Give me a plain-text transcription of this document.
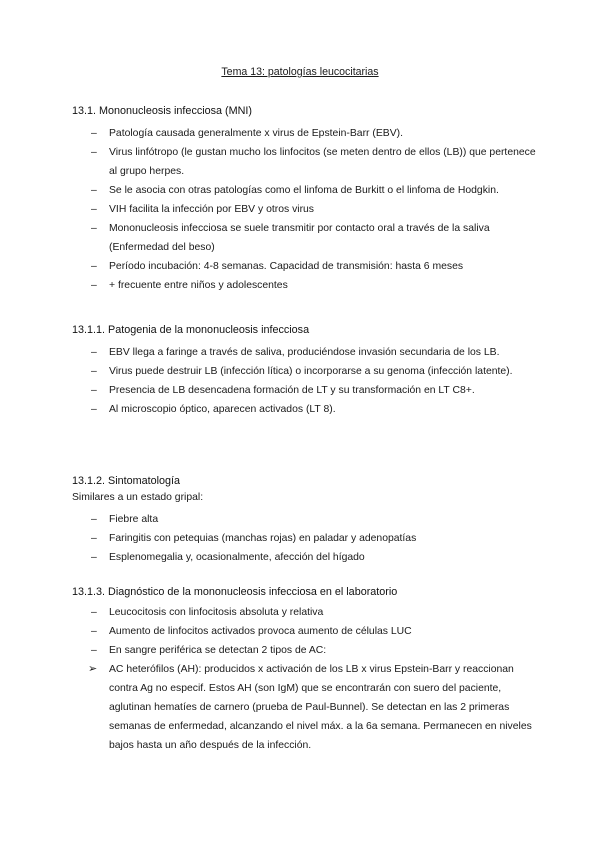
Tema 13: patologías leucocitarias
13.1. Mononucleosis infecciosa (MNI)
–	Patología causada generalmente x virus de Epstein-Barr (EBV).
–	Virus linfótropo (le gustan mucho los linfocitos (se meten dentro de ellos (LB)) que pertenece al grupo herpes.
–	Se le asocia con otras patologías como el linfoma de Burkitt o el linfoma de Hodgkin.
–	VIH facilita la infección por EBV y otros virus
–	Mononucleosis infecciosa se suele transmitir por contacto oral a través de la saliva (Enfermedad del beso)
–	Período incubación: 4-8 semanas. Capacidad de transmisión: hasta 6 meses
–	+ frecuente entre niños y adolescentes
13.1.1. Patogenia de la mononucleosis infecciosa
–	EBV llega a faringe a través de saliva, produciéndose invasión secundaria de los LB.
–	Virus puede destruir LB (infección lítica) o incorporarse a su genoma (infección latente).
–	Presencia de LB desencadena formación de LT y su transformación en LT C8+.
–	Al microscopio óptico, aparecen activados (LT 8).
13.1.2. Sintomatología
Similares a un estado gripal:
–	Fiebre alta
–	Faringitis con petequias (manchas rojas) en paladar y adenopatías
–	Esplenomegalia y, ocasionalmente, afección del hígado
13.1.3. Diagnóstico de la mononucleosis infecciosa en el laboratorio
–	Leucocitosis con linfocitosis absoluta y relativa
–	Aumento de linfocitos activados provoca aumento de células LUC
–	En sangre periférica se detectan 2 tipos de AC:
➢	AC heterófilos (AH): producidos x activación de los LB x virus Epstein-Barr y reaccionan contra Ag no especif. Estos AH (son IgM) que se encontrarán con suero del paciente, aglutinan hematíes de carnero (prueba de Paul-Bunnel). Se detectan en las 2 primeras semanas de enfermedad, alcanzando el nivel máx. a la 6a semana. Permanecen en niveles bajos hasta un año después de la infección.
